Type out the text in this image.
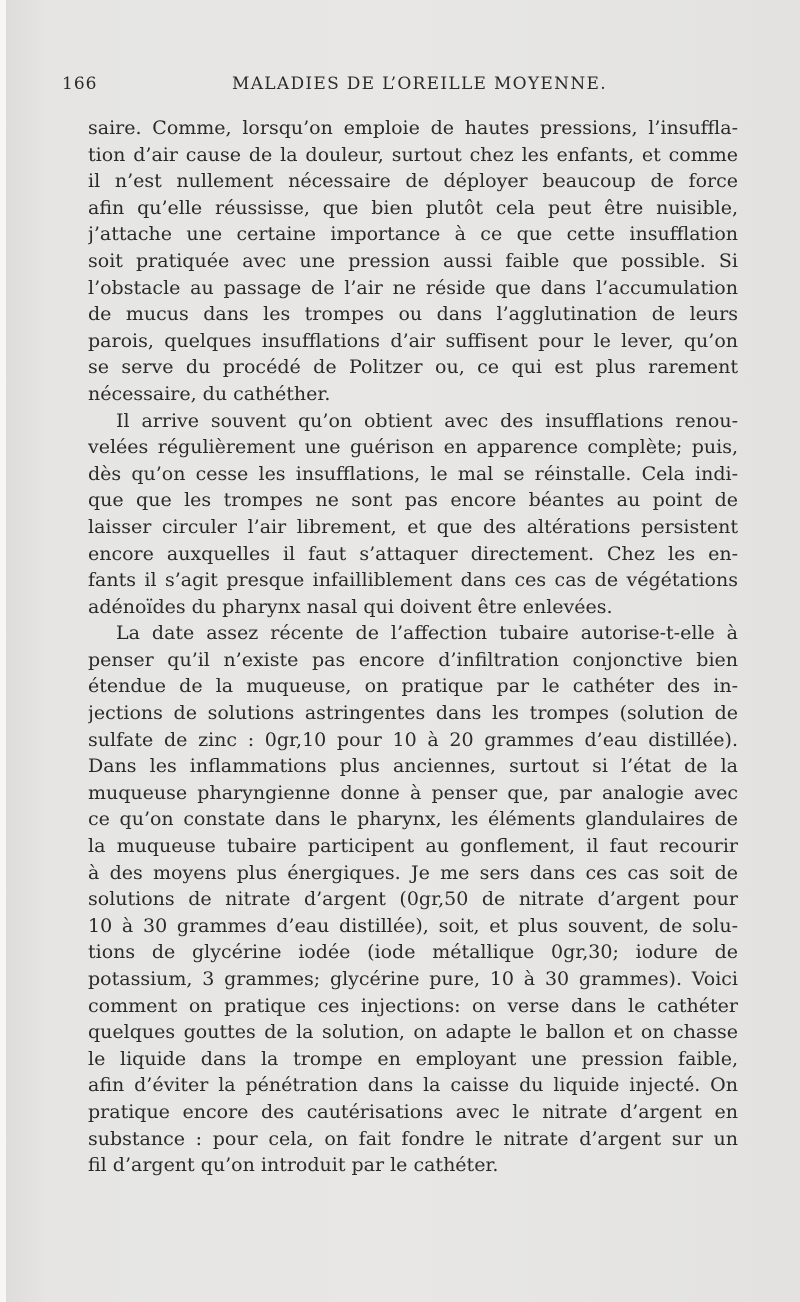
166	MALADIES DE L’OREILLE MOYENNE.
saire. Comme, lorsqu’on emploie de hautes pressions, l’insuffla-
tion d’air cause de la douleur, surtout chez les enfants, et comme
il n’est nullement nécessaire de déployer beaucoup de force
afin qu’elle réussisse, que bien plutôt cela peut être nuisible,
j’attache une certaine importance à ce que cette insufflation
soit pratiquée avec une pression aussi faible que possible. Si
l’obstacle au passage de l’air ne réside que dans l’accumulation
de mucus dans les trompes ou dans l’agglutination de leurs
parois, quelques insufflations d’air suffisent pour le lever, qu’on
se serve du procédé de Politzer ou, ce qui est plus rarement
nécessaire, du cathéther.
Il arrive souvent qu’on obtient avec des insufflations renou-
velées régulièrement une guérison en apparence complète; puis,
dès qu’on cesse les insufflations, le mal se réinstalle. Cela indi-
que que les trompes ne sont pas encore béantes au point de
laisser circuler l’air librement, et que des altérations persistent
encore auxquelles il faut s’attaquer directement. Chez les en-
fants il s’agit presque infailliblement dans ces cas de végétations
adénoïdes du pharynx nasal qui doivent être enlevées.
La date assez récente de l’affection tubaire autorise-t-elle à
penser qu’il n’existe pas encore d’infiltration conjonctive bien
étendue de la muqueuse, on pratique par le cathéter des in-
jections de solutions astringentes dans les trompes (solution de
sulfate de zinc : 0gr,10 pour 10 à 20 grammes d’eau distillée).
Dans les inflammations plus anciennes, surtout si l’état de la
muqueuse pharyngienne donne à penser que, par analogie avec
ce qu’on constate dans le pharynx, les éléments glandulaires de
la muqueuse tubaire participent au gonflement, il faut recourir
à des moyens plus énergiques. Je me sers dans ces cas soit de
solutions de nitrate d’argent (0gr,50 de nitrate d’argent pour
10 à 30 grammes d’eau distillée), soit, et plus souvent, de solu-
tions de glycérine iodée (iode métallique 0gr,30; iodure de
potassium, 3 grammes; glycérine pure, 10 à 30 grammes). Voici
comment on pratique ces injections: on verse dans le cathéter
quelques gouttes de la solution, on adapte le ballon et on chasse
le liquide dans la trompe en employant une pression faible,
afin d’éviter la pénétration dans la caisse du liquide injecté. On
pratique encore des cautérisations avec le nitrate d’argent en
substance : pour cela, on fait fondre le nitrate d’argent sur un
fil d’argent qu’on introduit par le cathéter.
